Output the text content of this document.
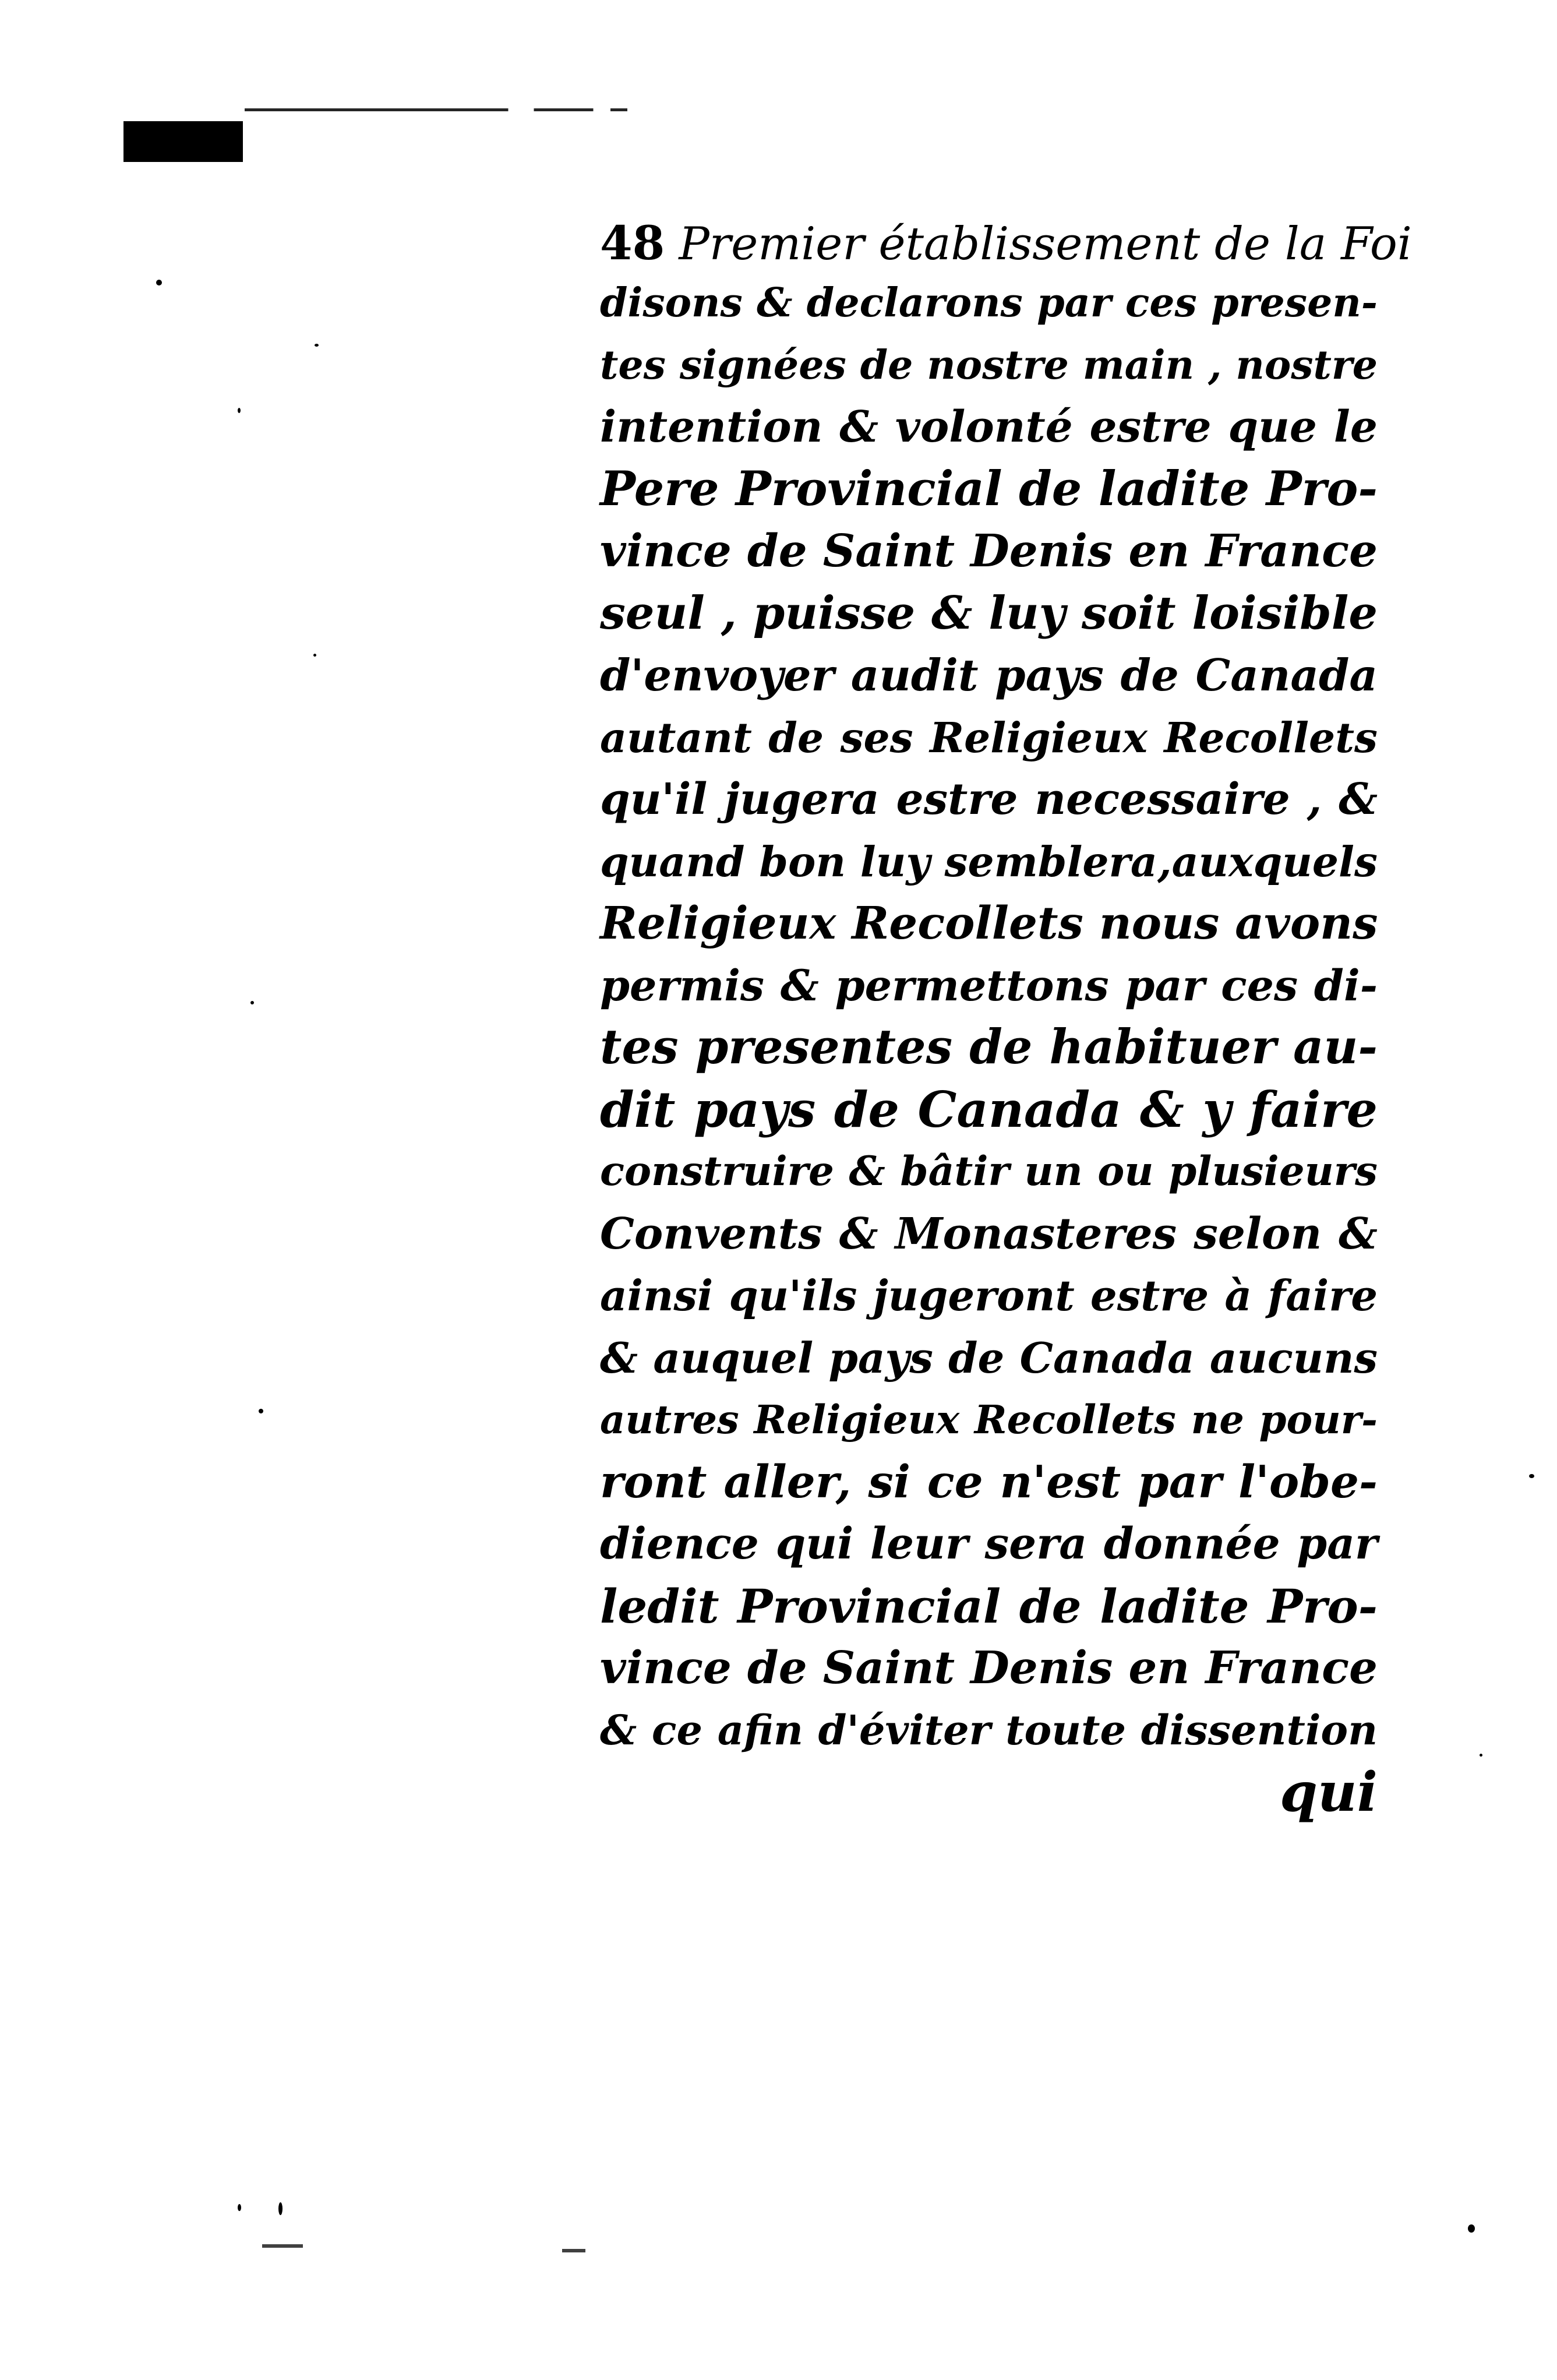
48 Premier établissement de la Foi
disons & declarons par ces presen-
tes signées de nostre main , nostre
intention & volonté estre que le
Pere Provincial de ladite Pro-
vince de Saint Denis en France
seul , puisse & luy soit loisible
d'envoyer audit pays de Canada
autant de ses Religieux Recollets
qu'il jugera estre necessaire , &
quand bon luy semblera,auxquels
Religieux Recollets nous avons
permis & permettons par ces di-
tes presentes de habituer au-
dit pays de Canada & y faire
construire & bâtir un ou plusieurs
Convents & Monasteres selon &
ainsi qu'ils jugeront estre à faire
& auquel pays de Canada aucuns
autres Religieux Recollets ne pour-
ront aller, si ce n'est par l'obe-
dience qui leur sera donnée par
ledit Provincial de ladite Pro-
vince de Saint Denis en France
& ce afin d'éviter toute dissention
qui
